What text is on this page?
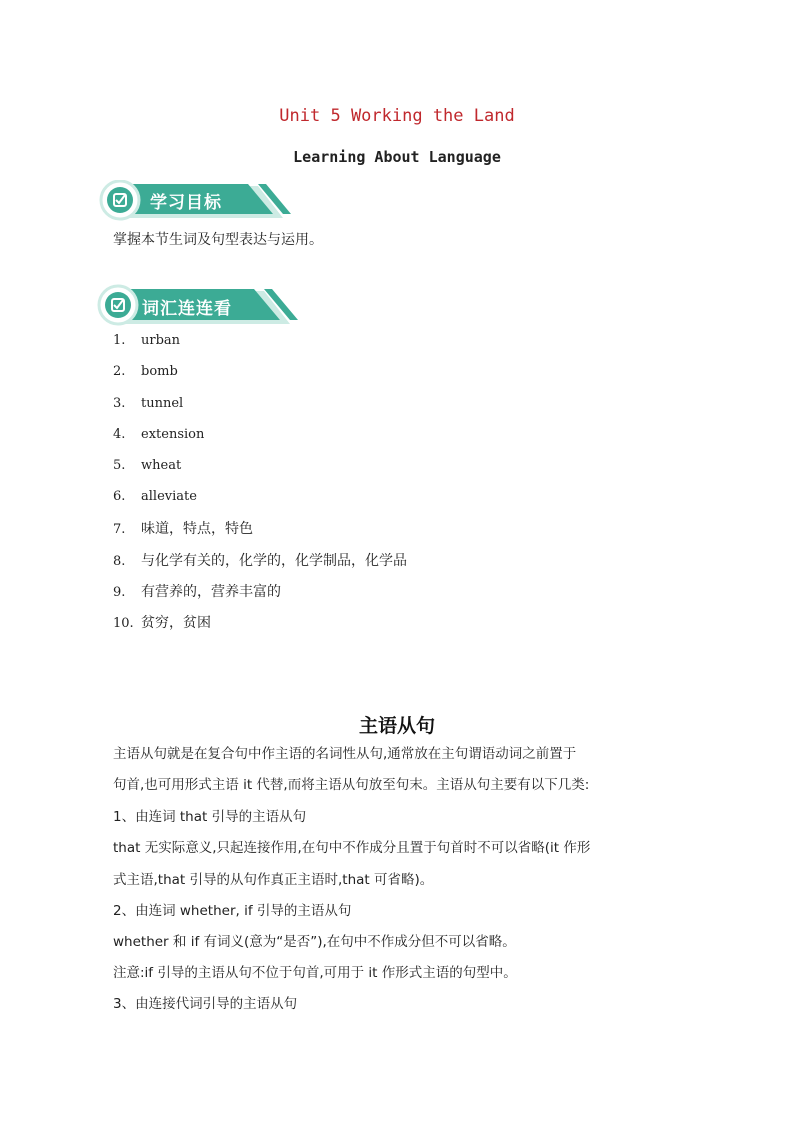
Unit 5 Working the Land
Learning About Language
学习目标
掌握本节生词及句型表达与运用。
词汇连连看
1. urban
2. bomb
3. tunnel
4. extension
5. wheat
6. alleviate
7. 味道，特点，特色
8. 与化学有关的，化学的，化学制品，化学品
9. 有营养的，营养丰富的
10. 贫穷，贫困
主语从句
主语从句就是在复合句中作主语的名词性从句,通常放在主句谓语动词之前置于
句首,也可用形式主语 it 代替,而将主语从句放至句末。主语从句主要有以下几类:
1、由连词 that 引导的主语从句
that 无实际意义,只起连接作用,在句中不作成分且置于句首时不可以省略(it 作形
式主语,that 引导的从句作真正主语时,that 可省略)。
2、由连词 whether, if 引导的主语从句
whether 和 if 有词义(意为“是否”),在句中不作成分但不可以省略。
注意:if 引导的主语从句不位于句首,可用于 it 作形式主语的句型中。
3、由连接代词引导的主语从句
